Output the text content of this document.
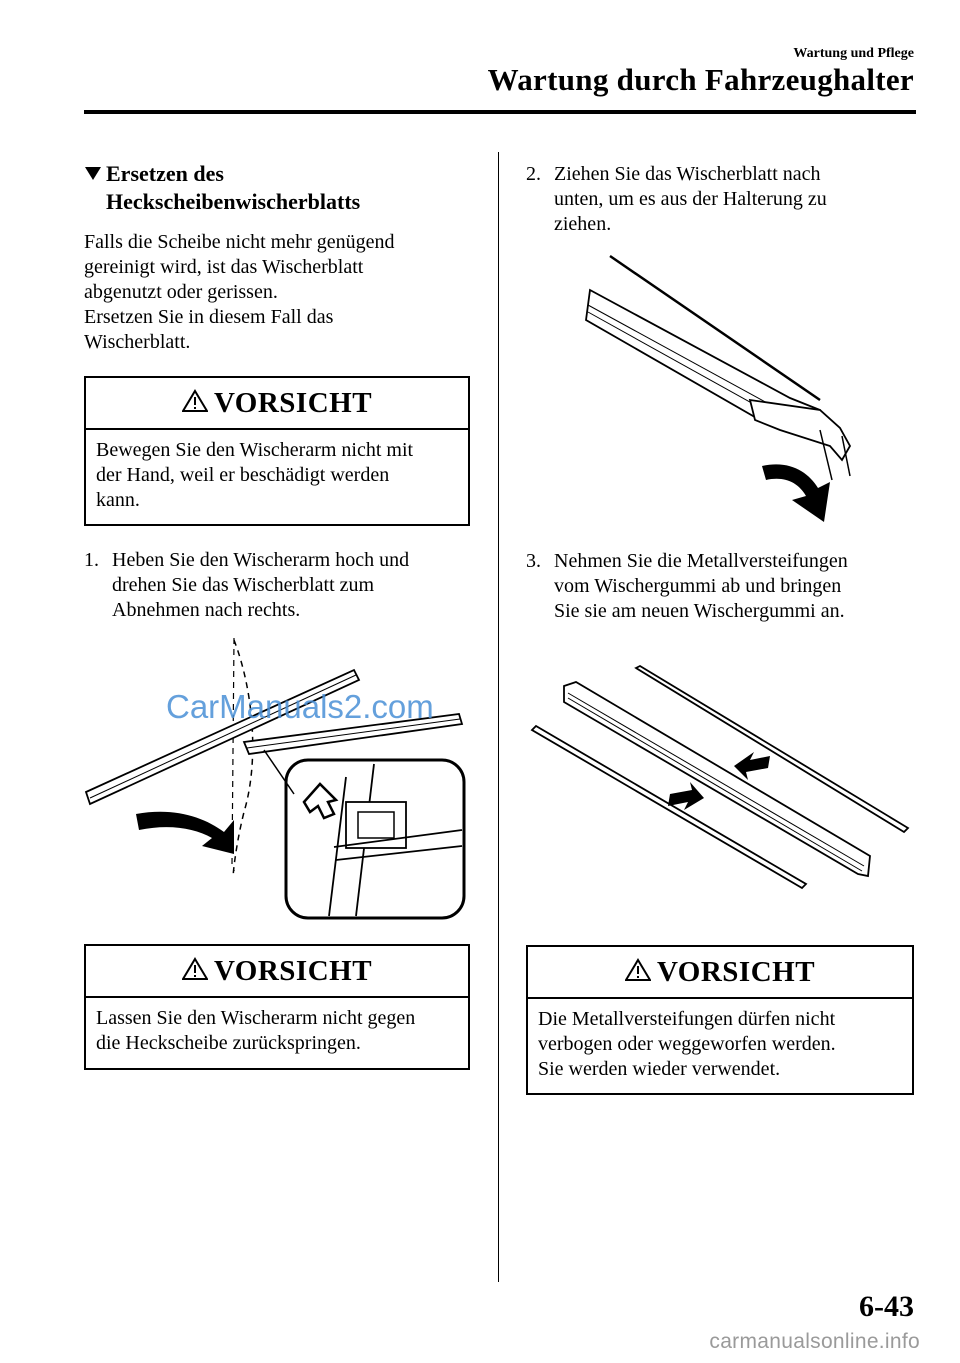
Wartung und Pflege
Wartung durch Fahrzeughalter
Ersetzen des
Heckscheibenwischerblatts
Falls die Scheibe nicht mehr genügend
gereinigt wird, ist das Wischerblatt
abgenutzt oder gerissen.
Ersetzen Sie in diesem Fall das
Wischerblatt.
VORSICHT
Bewegen Sie den Wischerarm nicht mit
der Hand, weil er beschädigt werden
kann.
1. Heben Sie den Wischerarm hoch und
drehen Sie das Wischerblatt zum
Abnehmen nach rechts.
CarManuals2.com
VORSICHT
Lassen Sie den Wischerarm nicht gegen
die Heckscheibe zurückspringen.
2. Ziehen Sie das Wischerblatt nach
unten, um es aus der Halterung zu
ziehen.
3. Nehmen Sie die Metallversteifungen
vom Wischergummi ab und bringen
Sie sie am neuen Wischergummi an.
VORSICHT
Die Metallversteifungen dürfen nicht
verbogen oder weggeworfen werden.
Sie werden wieder verwendet.
6-43
carmanualsonline.info
